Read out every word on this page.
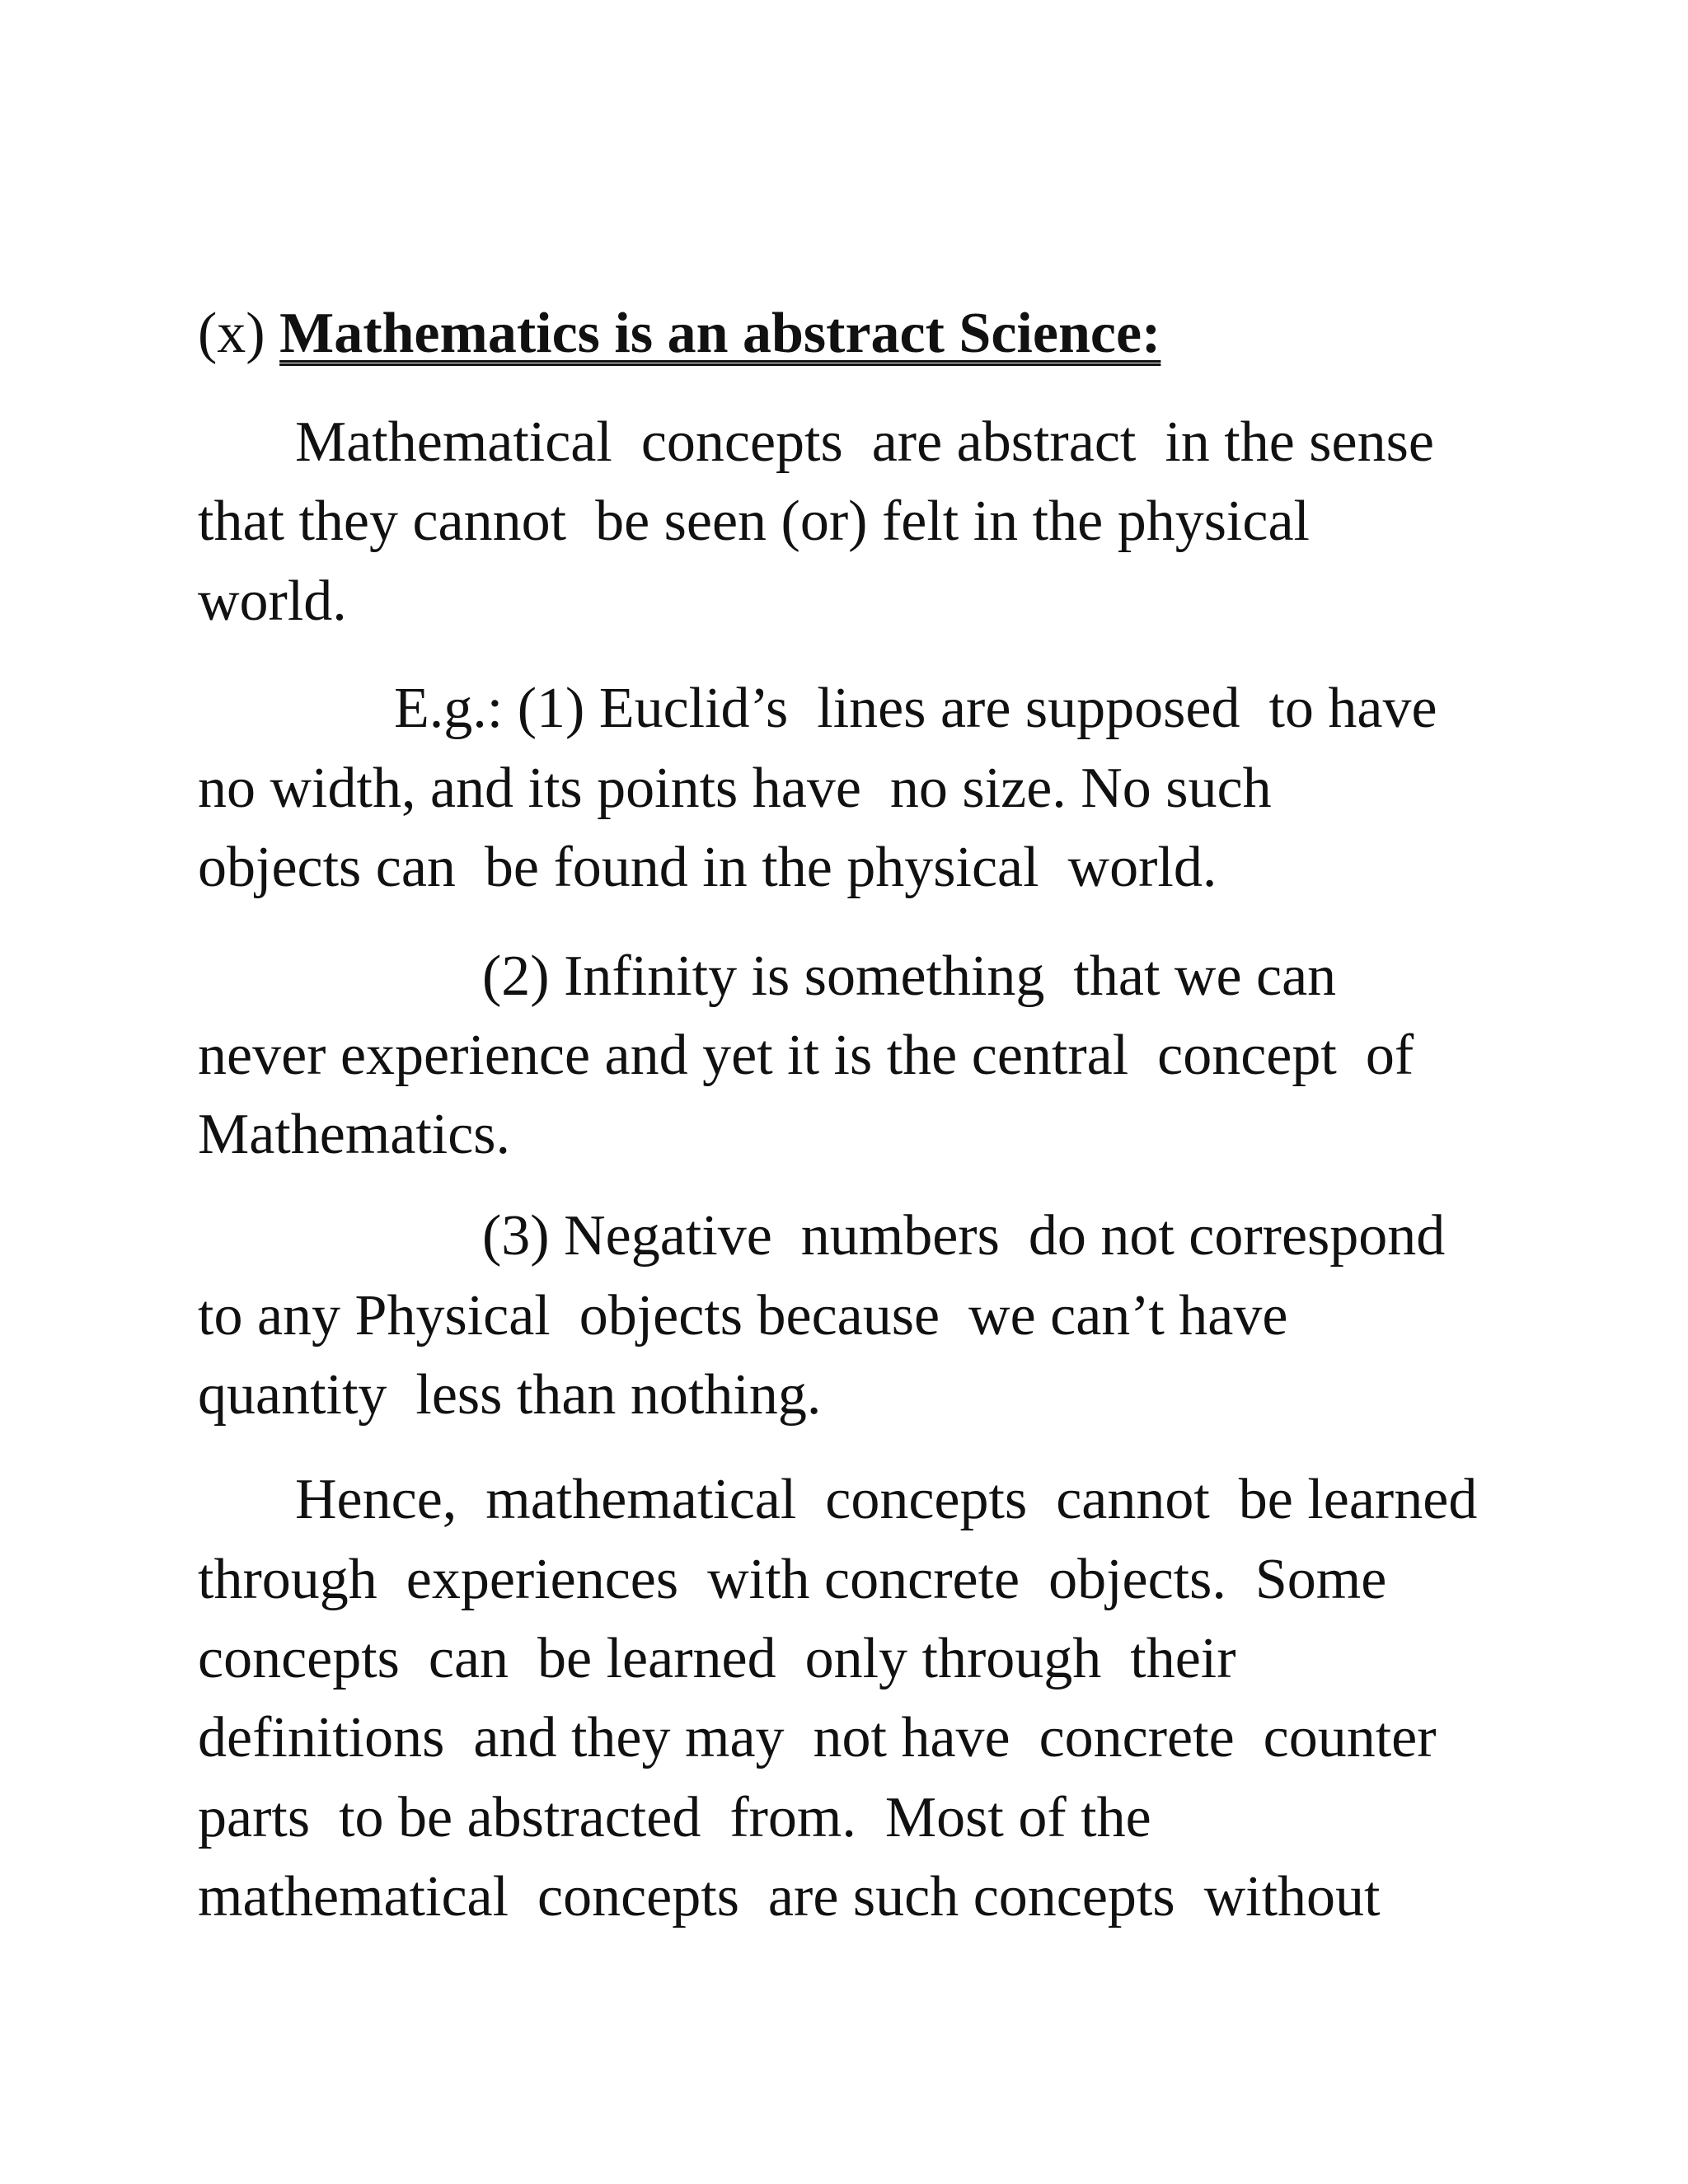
(x) Mathematics is an abstract Science:
Mathematical  concepts  are abstract  in the sense
that they cannot  be seen (or) felt in the physical
world.
E.g.: (1) Euclid’s  lines are supposed  to have
no width, and its points have  no size. No such
objects can  be found in the physical  world.
(2) Infinity is something  that we can
never experience and yet it is the central  concept  of
Mathematics.
(3) Negative  numbers  do not correspond
to any Physical  objects because  we can’t have
quantity  less than nothing.
Hence,  mathematical  concepts  cannot  be learned
through  experiences  with concrete  objects.  Some
concepts  can  be learned  only through  their
definitions  and they may  not have  concrete  counter
parts  to be abstracted  from.  Most of the
mathematical  concepts  are such concepts  without
